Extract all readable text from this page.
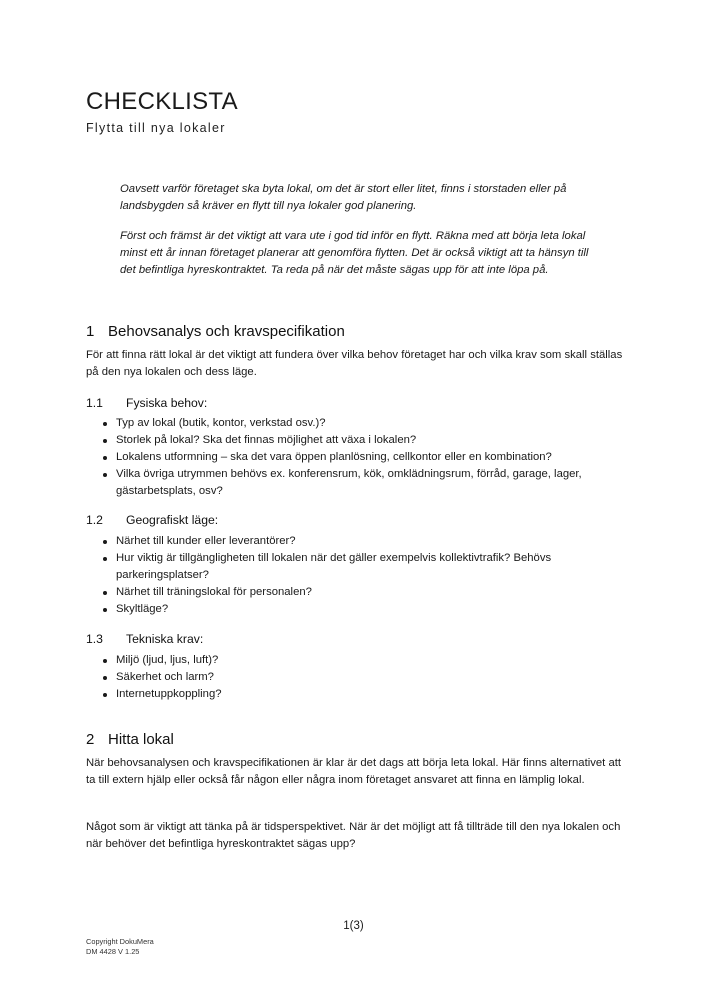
CHECKLISTA
Flytta till nya lokaler

Oavsett varför företaget ska byta lokal, om det är stort eller litet, finns i storstaden eller på landsbygden så kräver en flytt till nya lokaler god planering.

Först och främst är det viktigt att vara ute i god tid inför en flytt. Räkna med att börja leta lokal minst ett år innan företaget planerar att genomföra flytten. Det är också viktigt att ta hänsyn till det befintliga hyreskontraktet. Ta reda på när det måste sägas upp för att inte löpa på.

1 Behovsanalys och kravspecifikation

För att finna rätt lokal är det viktigt att fundera över vilka behov företaget har och vilka krav som skall ställas på den nya lokalen och dess läge.

1.1 Fysiska behov:
Typ av lokal (butik, kontor, verkstad osv.)?
Storlek på lokal? Ska det finnas möjlighet att växa i lokalen?
Lokalens utformning – ska det vara öppen planlösning, cellkontor eller en kombination?
Vilka övriga utrymmen behövs ex. konferensrum, kök, omklädningsrum, förråd, garage, lager, gästarbetsplats, osv?
1.2 Geografiskt läge:
Närhet till kunder eller leverantörer?
Hur viktig är tillgängligheten till lokalen när det gäller exempelvis kollektivtrafik? Behövs parkeringsplatser?
Närhet till träningslokal för personalen?
Skyltläge?
1.3 Tekniska krav:
Miljö (ljud, ljus, luft)?
Säkerhet och larm?
Internetuppkoppling?
2 Hitta lokal

När behovsanalysen och kravspecifikationen är klar är det dags att börja leta lokal. Här finns alternativet att ta till extern hjälp eller också får någon eller några inom företaget ansvaret att finna en lämplig lokal.

Något som är viktigt att tänka på är tidsperspektivet. När är det möjligt att få tillträde till den nya lokalen och när behöver det befintliga hyreskontraktet sägas upp?

1(3)
Copyright DokuMera
DM 4428 V 1.25
